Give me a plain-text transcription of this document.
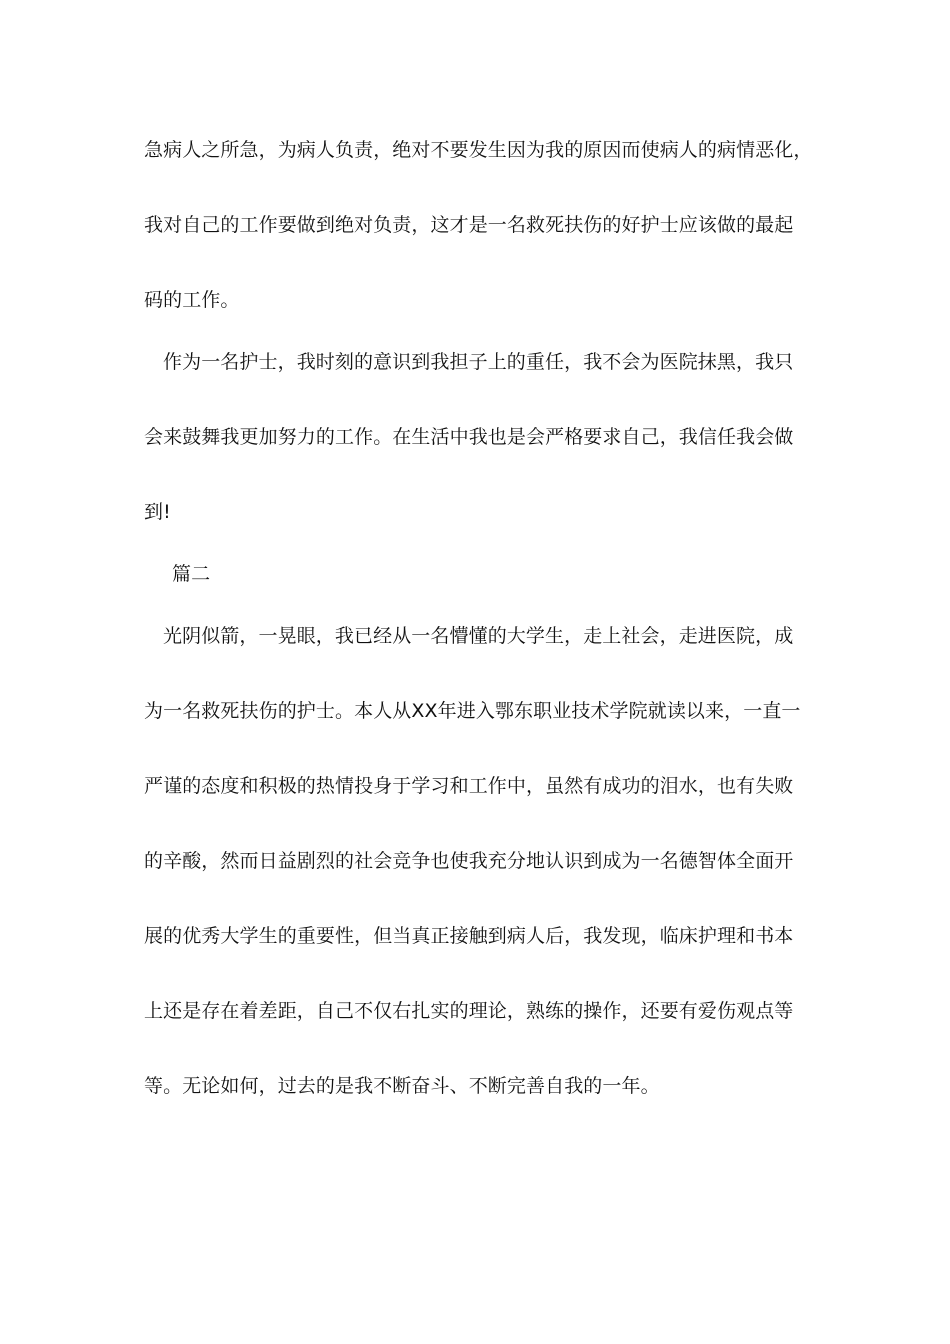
急病人之所急，为病人负责，绝对不要发生因为我的原因而使病人的病情恶化，
我对自己的工作要做到绝对负责，这才是一名救死扶伤的好护士应该做的最起
码的工作。
作为一名护士，我时刻的意识到我担子上的重任，我不会为医院抹黑，我只
会来鼓舞我更加努力的工作。在生活中我也是会严格要求自己，我信任我会做
到!
篇二
光阴似箭，一晃眼，我已经从一名懵懂的大学生，走上社会，走进医院，成
为一名救死扶伤的护士。本人从XX年进入鄂东职业技术学院就读以来，一直一
严谨的态度和积极的热情投身于学习和工作中，虽然有成功的泪水，也有失败
的辛酸，然而日益剧烈的社会竞争也使我充分地认识到成为一名德智体全面开
展的优秀大学生的重要性，但当真正接触到病人后，我发现，临床护理和书本
上还是存在着差距，自己不仅右扎实的理论，熟练的操作，还要有爱伤观点等
等。无论如何，过去的是我不断奋斗、不断完善自我的一年。
